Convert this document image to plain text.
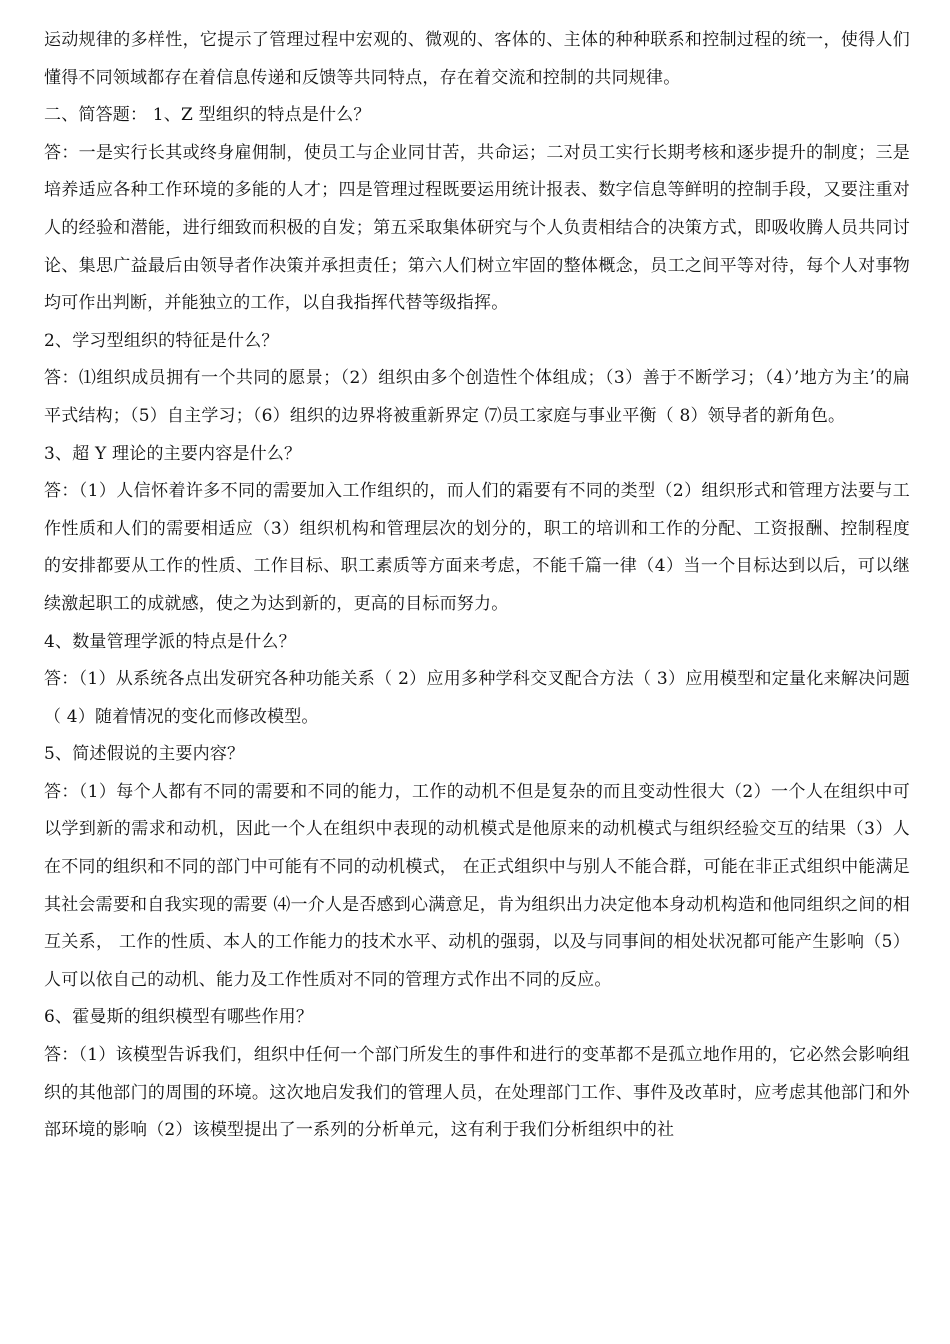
运动规律的多样性，它提示了管理过程中宏观的、微观的、客体的、主体的种种联系和控制过程的统一，使得人们懂得不同领域都存在着信息传递和反馈等共同特点，存在着交流和控制的共同规律。

二、简答题： 1、Z 型组织的特点是什么？

答：一是实行长其或终身雇佣制，使员工与企业同甘苦，共命运；二对员工实行长期考核和逐步提升的制度；三是培养适应各种工作环境的多能的人才；四是管理过程既要运用统计报表、数字信息等鲜明的控制手段，又要注重对人的经验和潜能，进行细致而积极的自发；第五采取集体研究与个人负责相结合的决策方式，即吸收腾人员共同讨论、集思广益最后由领导者作决策并承担责任；第六人们树立牢固的整体概念，员工之间平等对待，每个人对事物均可作出判断，并能独立的工作，以自我指挥代替等级指挥。

2、学习型组织的特征是什么？

答：⑴组织成员拥有一个共同的愿景；（2）组织由多个创造性个体组成；（3）善于不断学习；（4）’地方为主’的扁平式结构；（5）自主学习；（6）组织的边界将被重新界定 ⑺员工家庭与事业平衡（ 8）领导者的新角色。

3、超 Y 理论的主要内容是什么？

答：（1）人信怀着许多不同的需要加入工作组织的，而人们的霜要有不同的类型（2）组织形式和管理方法要与工作性质和人们的需要相适应（3）组织机构和管理层次的划分的，职工的培训和工作的分配、工资报酬、控制程度的安排都要从工作的性质、工作目标、职工素质等方面来考虑，不能千篇一律（4）当一个目标达到以后，可以继续激起职工的成就感，使之为达到新的，更高的目标而努力。

4、数量管理学派的特点是什么？

答：（1）从系统各点出发研究各种功能关系（ 2）应用多种学科交叉配合方法（ 3）应用模型和定量化来解决问题（ 4）随着情况的变化而修改模型。

5、简述假说的主要内容？

答：（1）每个人都有不同的需要和不同的能力，工作的动机不但是复杂的而且变动性很大（2）一个人在组织中可以学到新的需求和动机，因此一个人在组织中表现的动机模式是他原来的动机模式与组织经验交互的结果（3）人在不同的组织和不同的部门中可能有不同的动机模式， 在正式组织中与别人不能合群，可能在非正式组织中能满足其社会需要和自我实现的需要 ⑷一介人是否感到心满意足，肯为组织出力决定他本身动机构造和他同组织之间的相互关系， 工作的性质、本人的工作能力的技术水平、动机的强弱，以及与同事间的相处状况都可能产生影响（5）人可以依自己的动机、能力及工作性质对不同的管理方式作出不同的反应。

6、霍曼斯的组织模型有哪些作用？

答：（1）该模型告诉我们，组织中任何一个部门所发生的事件和进行的变革都不是孤立地作用的，它必然会影响组织的其他部门的周围的环境。这次地启发我们的管理人员，在处理部门工作、事件及改革时，应考虑其他部门和外部环境的影响（2）该模型提出了一系列的分析单元，这有利于我们分析组织中的社
